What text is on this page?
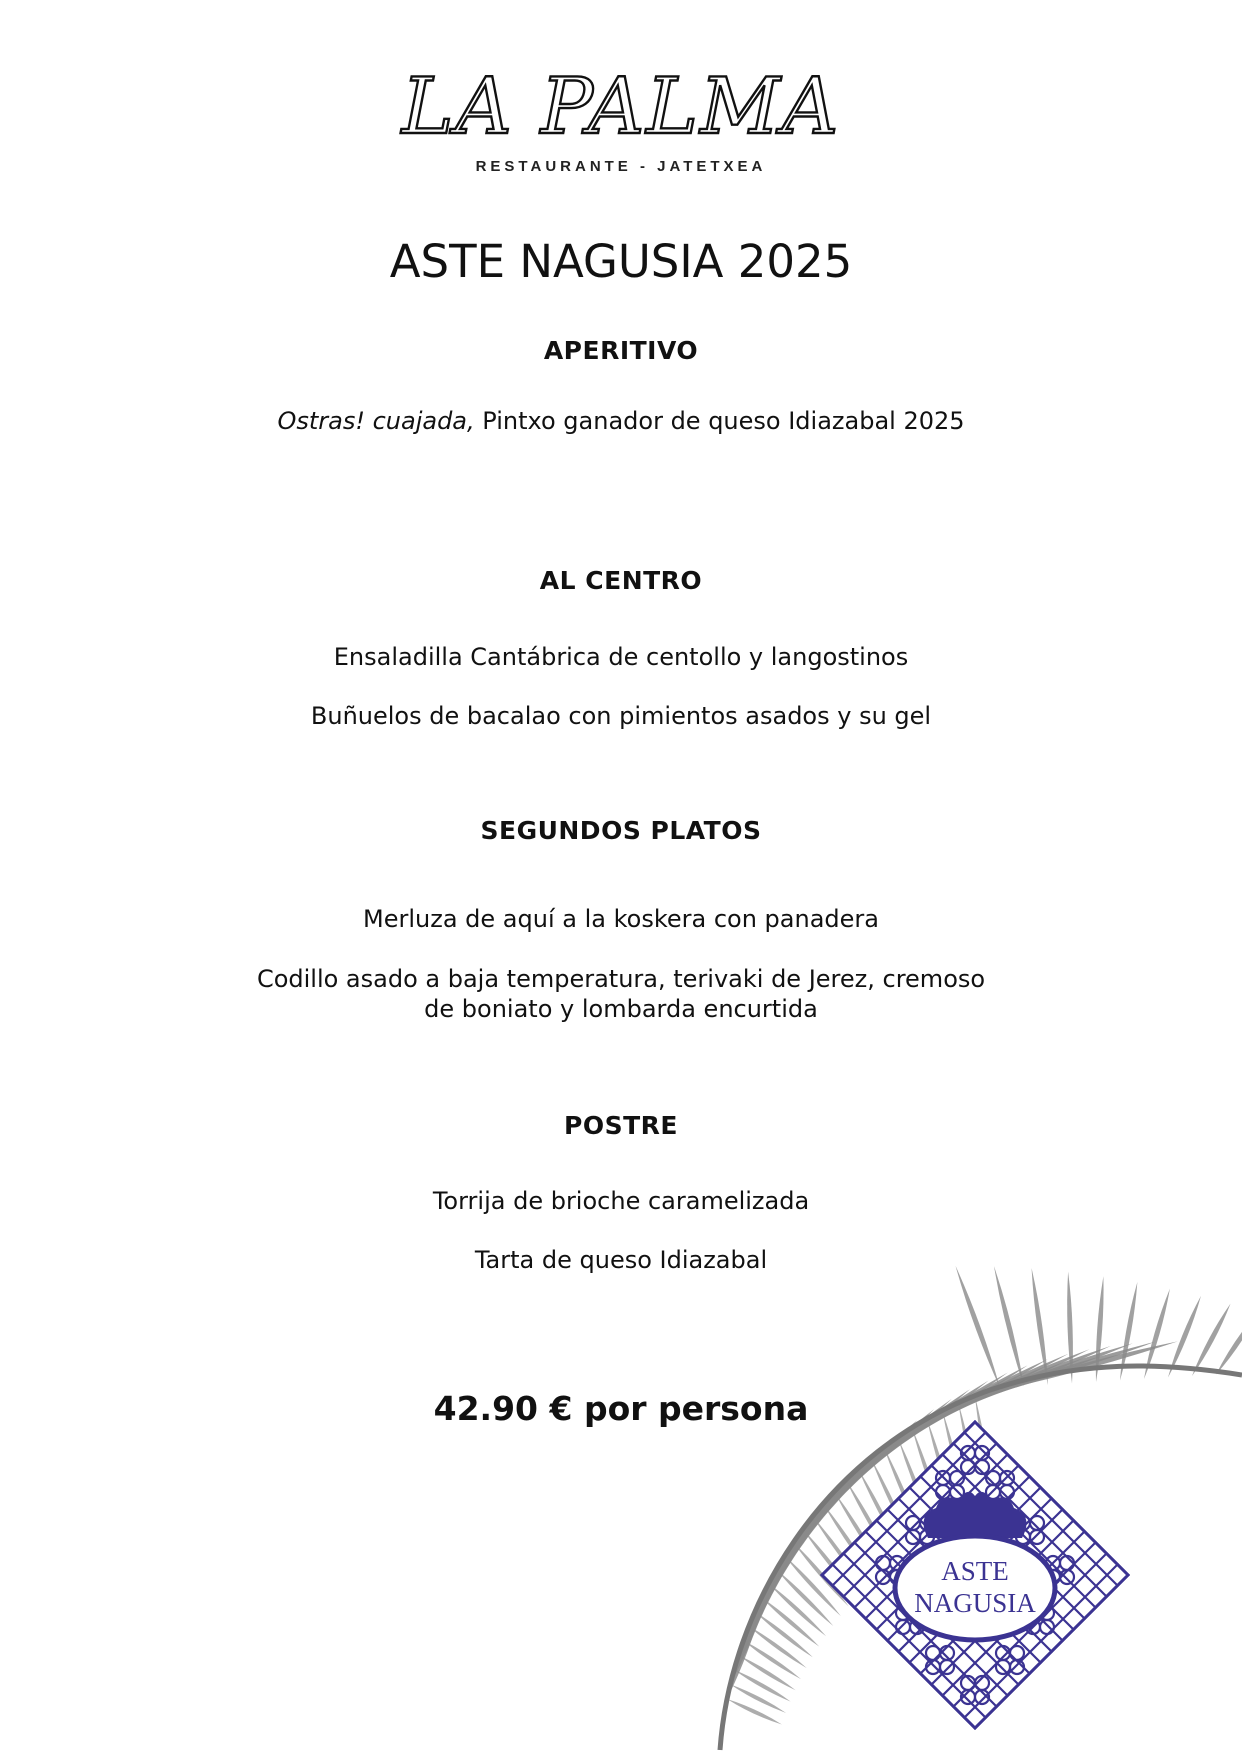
LA PALMA
RESTAURANTE - JATETXEA
ASTE NAGUSIA 2025

APERITIVO

Ostras! cuajada, Pintxo ganador de queso Idiazabal 2025

AL CENTRO

Ensaladilla Cantábrica de centollo y langostinos

Buñuelos de bacalao con pimientos asados y su gel

SEGUNDOS PLATOS

Merluza de aquí a la koskera con panadera

Codillo asado a baja temperatura, terivaki de Jerez, cremoso

de boniato y lombarda encurtida

POSTRE

Torrija de brioche caramelizada

Tarta de queso Idiazabal

ASTE
NAGUSIA
42.90 € por persona
